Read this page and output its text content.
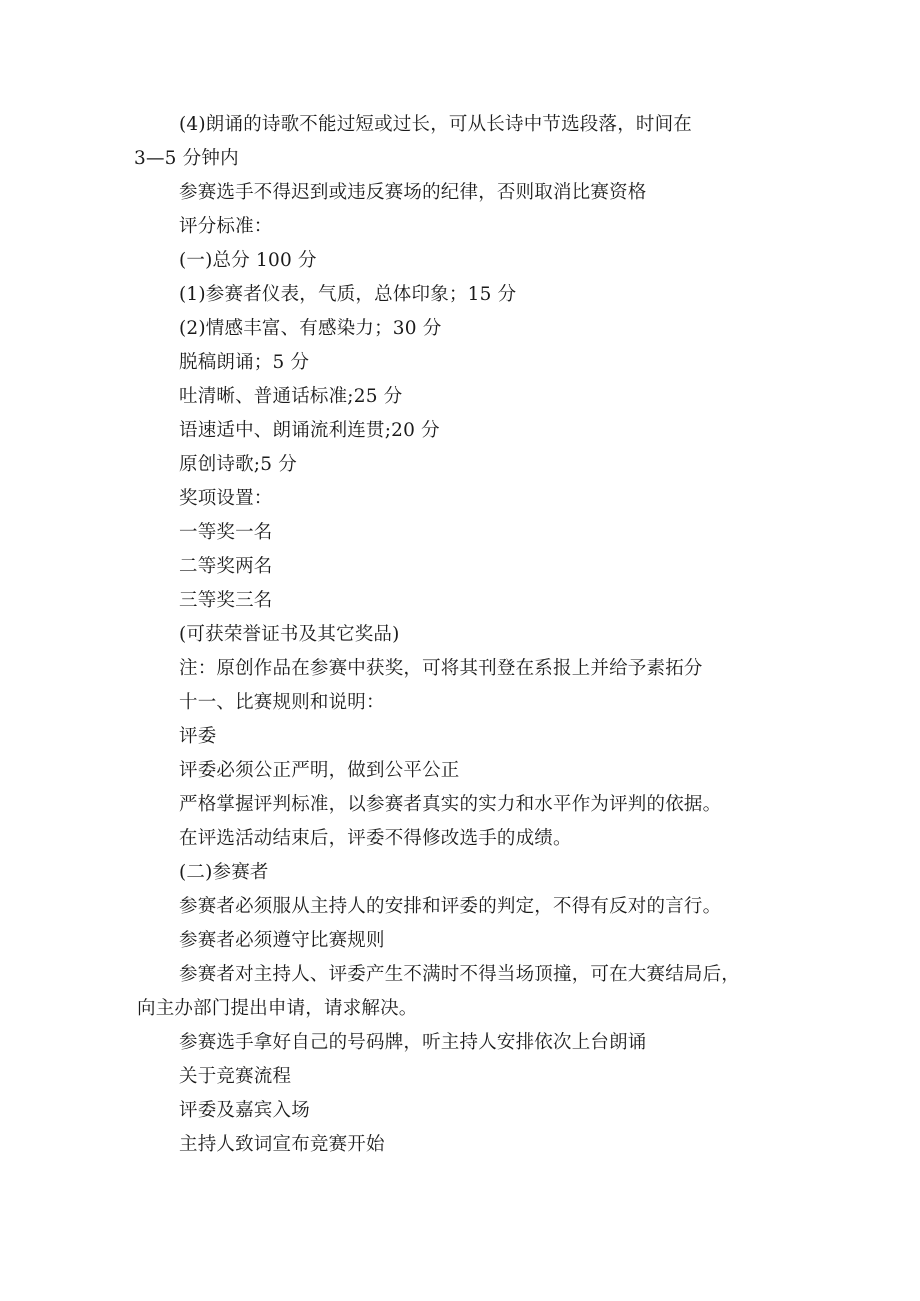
(4)朗诵的诗歌不能过短或过长，可从长诗中节选段落，时间在
3—5 分钟内
参赛选手不得迟到或违反赛场的纪律，否则取消比赛资格
评分标准：
(一)总分 100 分
(1)参赛者仪表，气质，总体印象；15 分
(2)情感丰富、有感染力；30 分
脱稿朗诵；5 分
吐清晰、普通话标准;25 分
语速适中、朗诵流利连贯;20 分
原创诗歌;5 分
奖项设置：
一等奖一名
二等奖两名
三等奖三名
(可获荣誉证书及其它奖品)
注：原创作品在参赛中获奖，可将其刊登在系报上并给予素拓分
十一、比赛规则和说明：
评委
评委必须公正严明，做到公平公正
严格掌握评判标准，以参赛者真实的实力和水平作为评判的依据。
在评选活动结束后，评委不得修改选手的成绩。
(二)参赛者
参赛者必须服从主持人的安排和评委的判定，不得有反对的言行。
参赛者必须遵守比赛规则
参赛者对主持人、评委产生不满时不得当场顶撞，可在大赛结局后，
向主办部门提出申请，请求解决。
参赛选手拿好自己的号码牌，听主持人安排依次上台朗诵
关于竞赛流程
评委及嘉宾入场
主持人致词宣布竞赛开始
